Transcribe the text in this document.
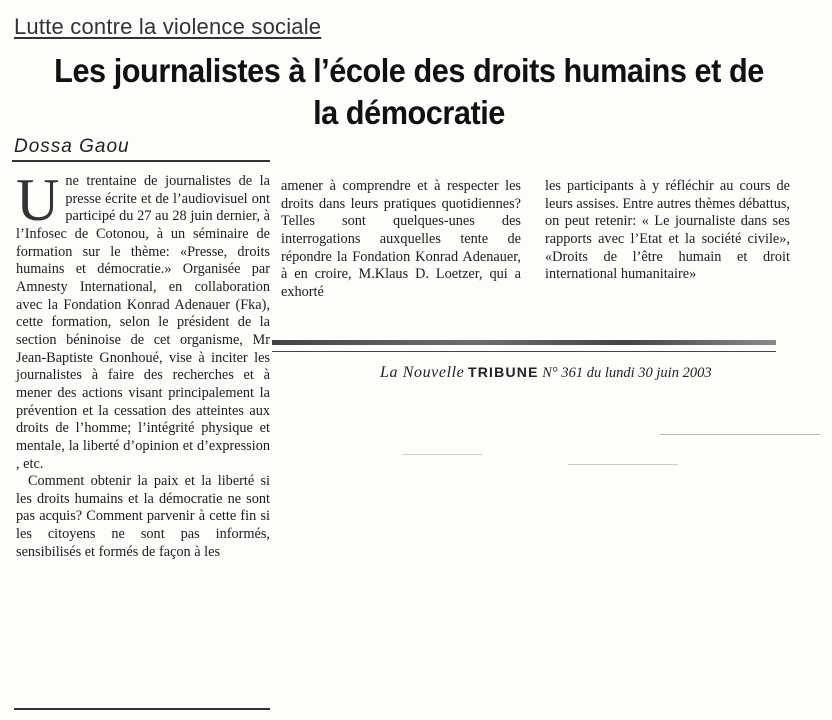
Lutte contre la violence sociale
Les journalistes à l’école des droits humains et de
la démocratie
Dossa Gaou

Une trentaine de journalistes de la presse écrite et de l’audiovisuel ont participé du 27 au 28 juin dernier, à l’Infosec de Cotonou, à un séminaire de formation sur le thème: «Presse, droits humains et démocratie.» Organisée par Amnesty International, en collaboration avec la Fondation Konrad Adenauer (Fka), cette formation, selon le président de la section béninoise de cet organisme, Mr Jean-Baptiste Gnonhoué, vise à inciter les journalistes à faire des recherches et à mener des actions visant principalement la prévention et la cessation des atteintes aux droits de l’homme; l’intégrité physique et mentale, la liberté d’opinion et d’expression , etc.

Comment obtenir la paix et la liberté si les droits humains et la démocratie ne sont pas acquis? Comment parvenir à cette fin si les citoyens ne sont pas informés, sensibilisés et formés de façon à les

amener à comprendre et à respecter les droits dans leurs pratiques quotidiennes? Telles sont quelques-unes des interrogations auxquelles tente de répondre la Fondation Konrad Adenauer, à en croire, M.Klaus D. Loetzer, qui a exhorté

les participants à y réfléchir au cours de leurs assises. Entre autres thèmes débattus, on peut retenir: « Le journaliste dans ses rapports avec l’Etat et la société civile», «Droits de l’être humain et droit international humanitaire»

La Nouvelle TRIBUNE N° 361 du lundi 30 juin 2003
